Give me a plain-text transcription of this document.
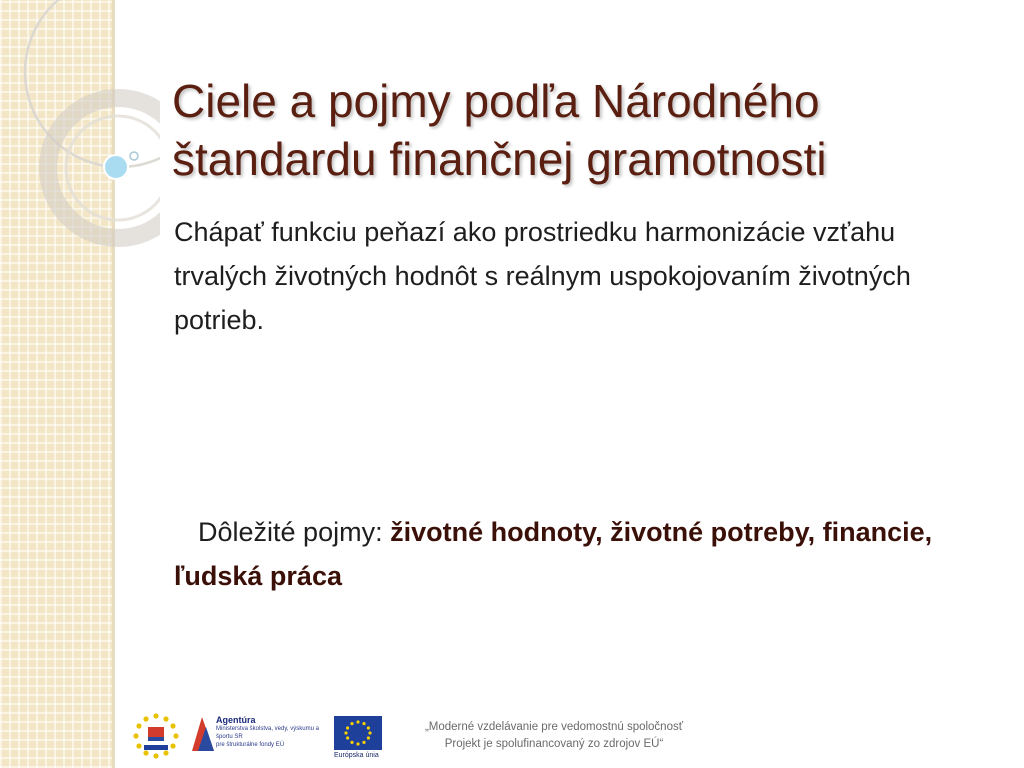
Ciele a pojmy podľa Národného štandardu finančnej gramotnosti

Chápať funkciu peňazí ako prostriedku harmonizácie vzťahu trvalých životných hodnôt s reálnym uspokojovaním životných potrieb.

Dôležité pojmy: životné hodnoty, životné potreby, financie, ľudská práca

Agentúra
Ministerstva školstva, vedy, výskumu a športu SR
pre štrukturálne fondy EÚ
Európska únia
„Moderné vzdelávanie pre vedomostnú spoločnosť
Projekt je spolufinancovaný zo zdrojov EÚ“
